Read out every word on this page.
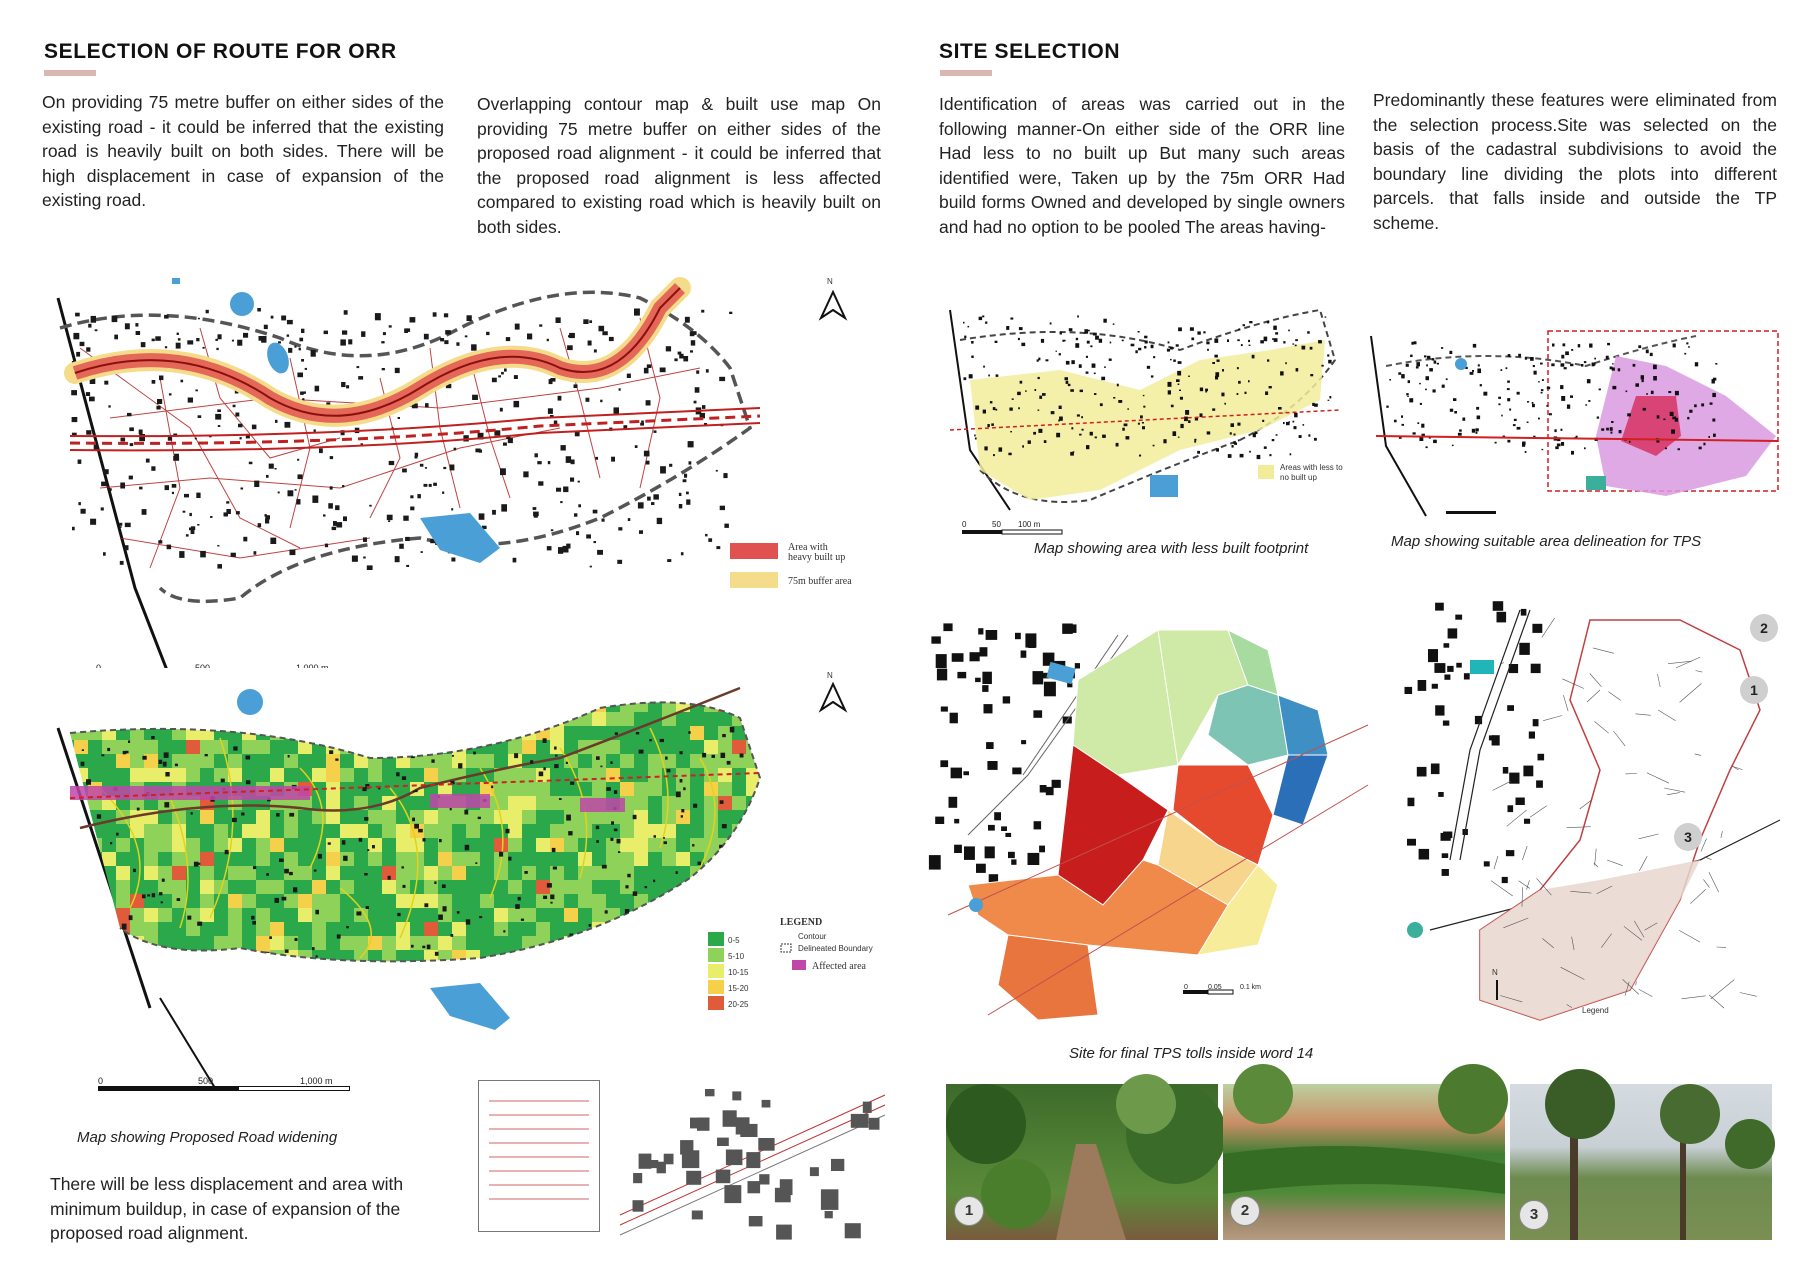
SELECTION OF ROUTE FOR ORR
On providing 75 metre buffer on either sides of the existing road - it could be inferred that the existing road is heavily built on both sides. There will be high displacement in case of expansion of the existing road.
Overlapping contour map & built use map On providing 75 metre buffer on either sides of the proposed road alignment - it could be inferred that the proposed road alignment is less affected compared to existing road which is heavily built on both sides.
Area with
heavy built up
75m buffer area
N
N
0-5
5-10
10-15
15-20
20-25
LEGEND
Contour
Delineated Boundary
Affected area
0	500	1,000 m
Map showing Proposed Road widening
There will be less displacement and area with minimum buildup, in case of expansion of the proposed road alignment.
SITE SELECTION
Identification of areas was carried out in the following manner-On either side of the ORR line Had less to no built up But many such areas identified were, Taken up by the 75m ORR Had build forms Owned and developed by single owners and had no option to be pooled The areas having-
Predominantly these features were eliminated from the selection process.Site was selected on the basis of the cadastral subdivisions to avoid the boundary line dividing the plots into different parcels. that falls inside and outside the TP scheme.
Areas with less to
no built up
0	50 100 m
Map showing area with less built footprint	Map showing suitable area delineation for TPS
0	0.05	0.1 km
Site for final TPS tolls inside word 14
N
Legend
2
1
3
1	2	3
